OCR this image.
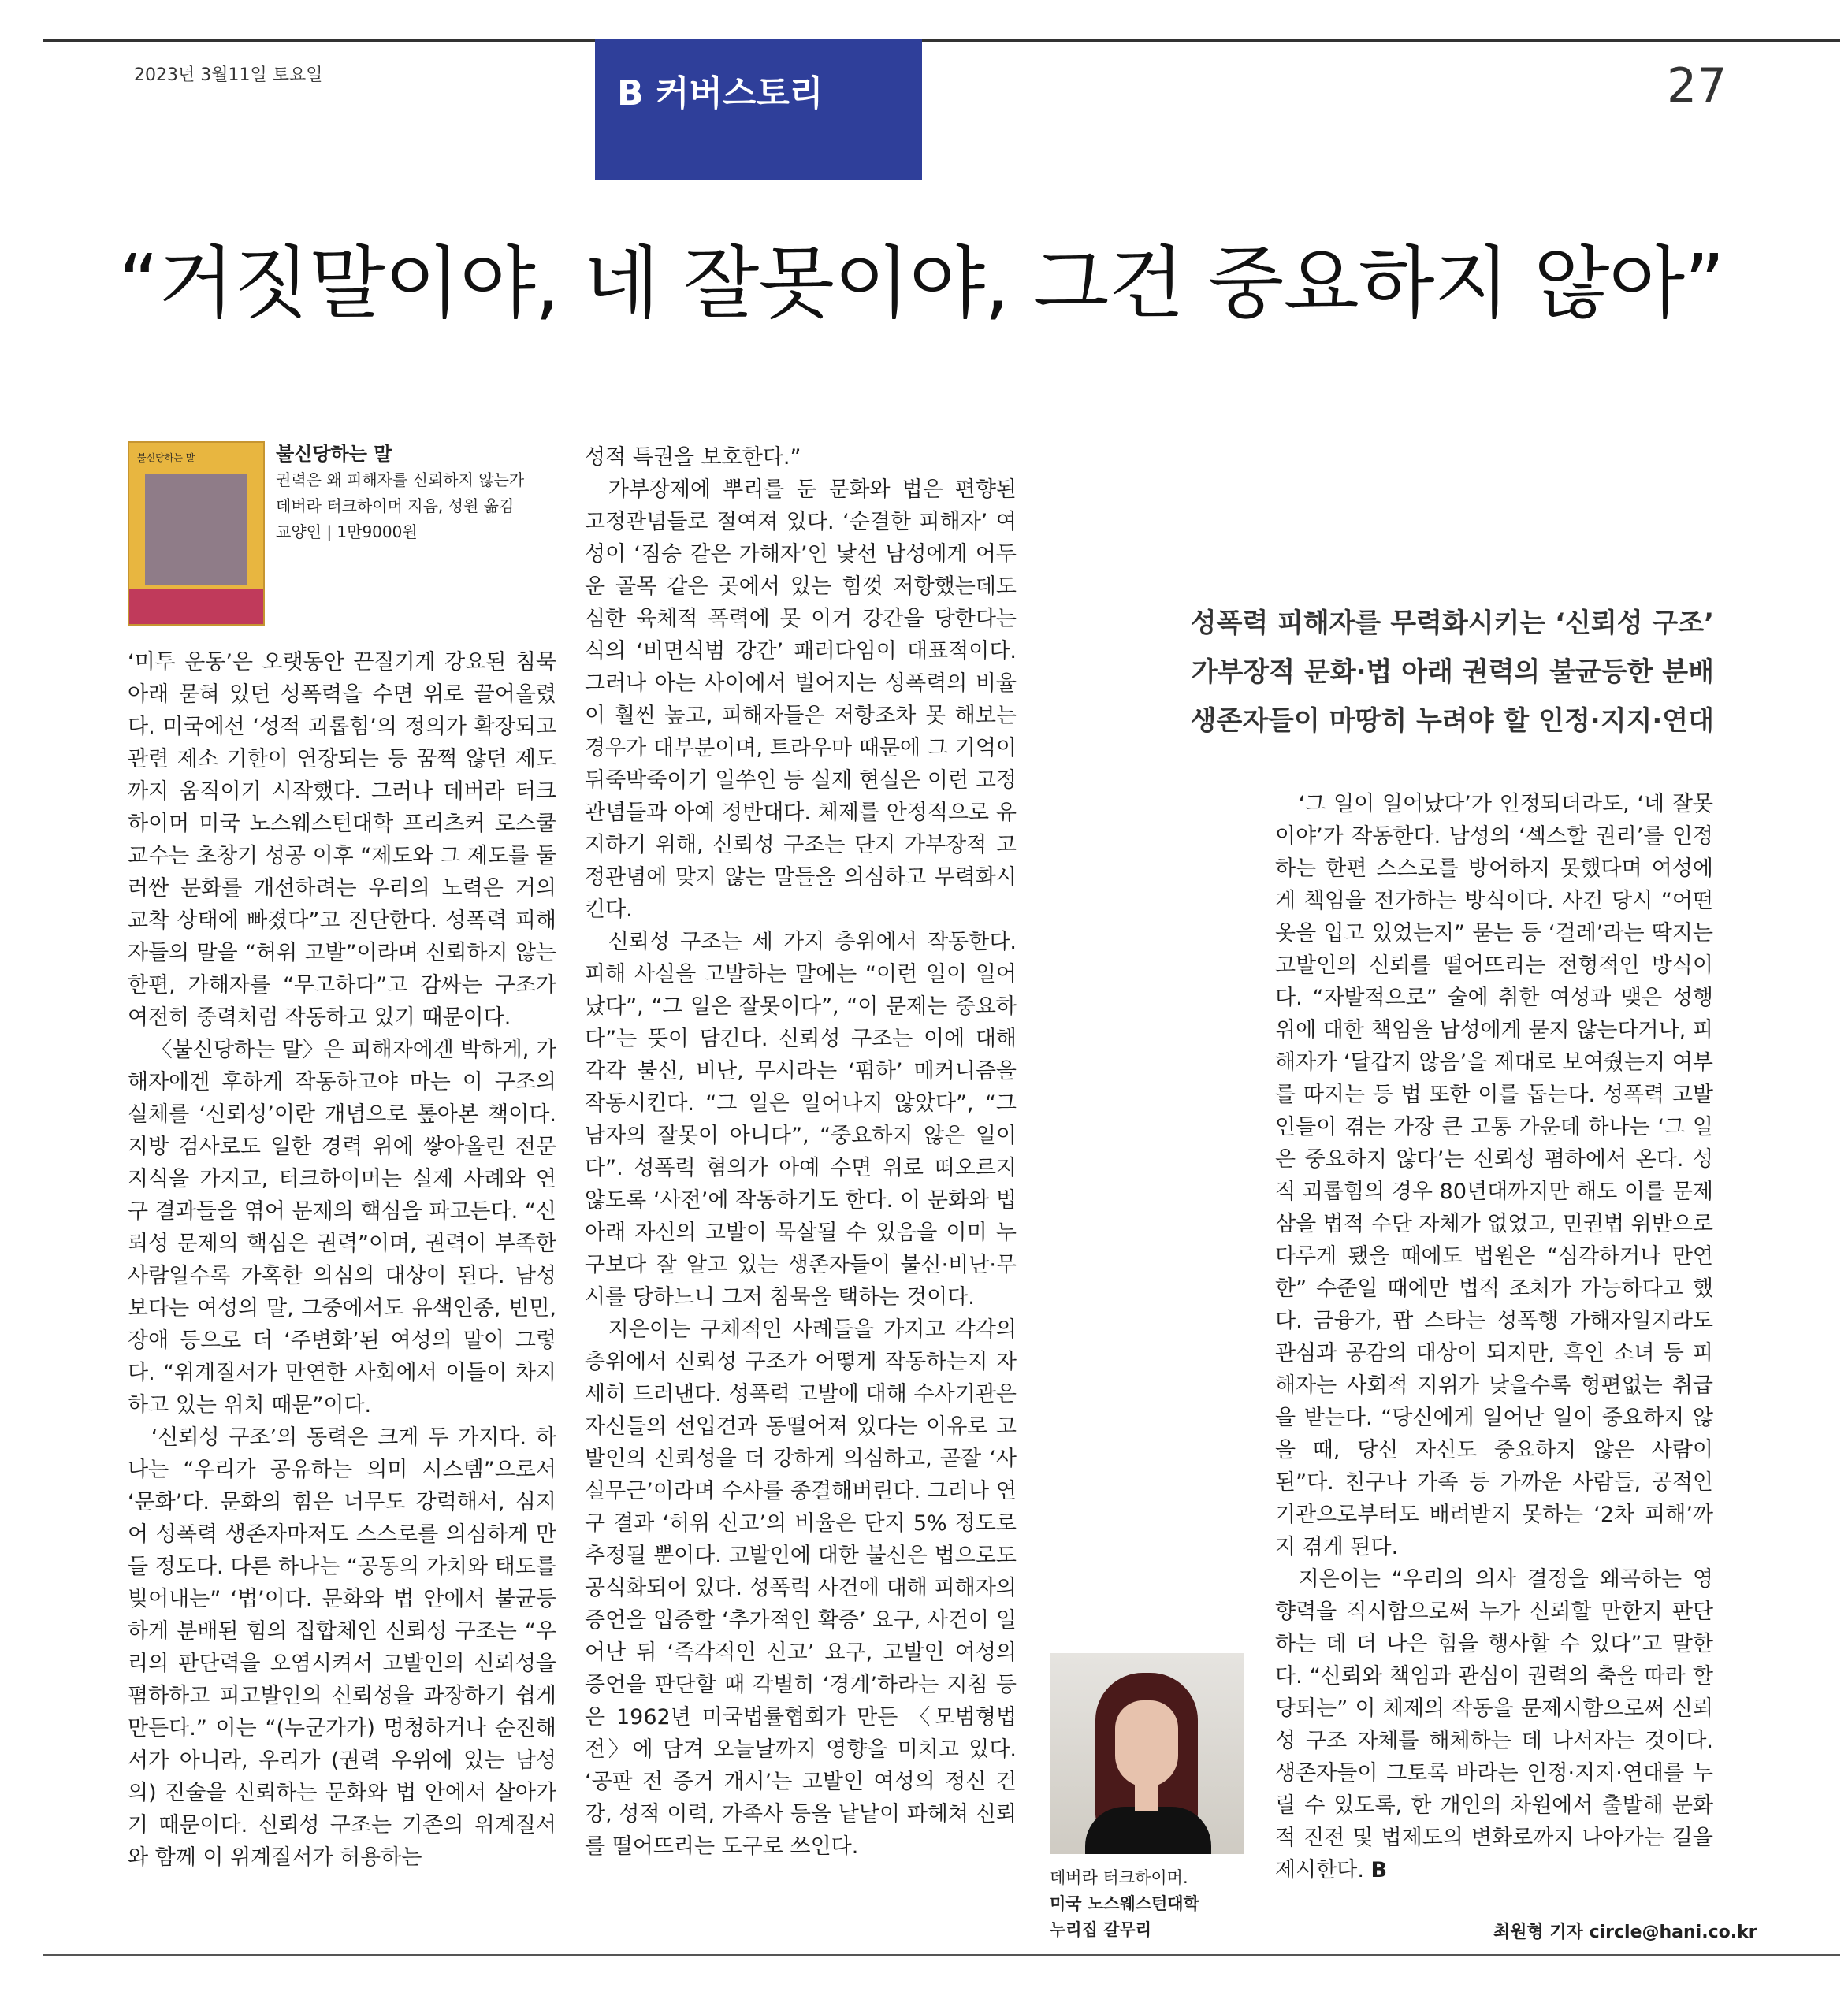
2023년 3월11일 토요일	B 커버스토리	27
“거짓말이야, 네 잘못이야, 그건 중요하지 않아”
불신당하는 말	불신당하는 말
권력은 왜 피해자를 신뢰하지 않는가
데버라 터크하이머 지음, 성원 옮김
교양인 | 1만9000원

‘미투 운동’은 오랫동안 끈질기게 강요된 침묵 아래 묻혀 있던 성폭력을 수면 위로 끌어올렸다. 미국에선 ‘성적 괴롭힘’의 정의가 확장되고 관련 제소 기한이 연장되는 등 꿈쩍 않던 제도까지 움직이기 시작했다. 그러나 데버라 터크하이머 미국 노스웨스턴대학 프리츠커 로스쿨 교수는 초창기 성공 이후 “제도와 그 제도를 둘러싼 문화를 개선하려는 우리의 노력은 거의 교착 상태에 빠졌다”고 진단한다. 성폭력 피해자들의 말을 “허위 고발”이라며 신뢰하지 않는 한편, 가해자를 “무고하다”고 감싸는 구조가 여전히 중력처럼 작동하고 있기 때문이다.

〈불신당하는 말〉은 피해자에겐 박하게, 가해자에겐 후하게 작동하고야 마는 이 구조의 실체를 ‘신뢰성’이란 개념으로 톺아본 책이다. 지방 검사로도 일한 경력 위에 쌓아올린 전문 지식을 가지고, 터크하이머는 실제 사례와 연구 결과들을 엮어 문제의 핵심을 파고든다. “신뢰성 문제의 핵심은 권력”이며, 권력이 부족한 사람일수록 가혹한 의심의 대상이 된다. 남성보다는 여성의 말, 그중에서도 유색인종, 빈민, 장애 등으로 더 ‘주변화’된 여성의 말이 그렇다. “위계질서가 만연한 사회에서 이들이 차지하고 있는 위치 때문”이다.

‘신뢰성 구조’의 동력은 크게 두 가지다. 하나는 “우리가 공유하는 의미 시스템”으로서 ‘문화’다. 문화의 힘은 너무도 강력해서, 심지어 성폭력 생존자마저도 스스로를 의심하게 만들 정도다. 다른 하나는 “공동의 가치와 태도를 빚어내는” ‘법’이다. 문화와 법 안에서 불균등하게 분배된 힘의 집합체인 신뢰성 구조는 “우리의 판단력을 오염시켜서 고발인의 신뢰성을 폄하하고 피고발인의 신뢰성을 과장하기 쉽게 만든다.” 이는 “(누군가가) 멍청하거나 순진해서가 아니라, 우리가 (권력 우위에 있는 남성의) 진술을 신뢰하는 문화와 법 안에서 살아가기 때문이다. 신뢰성 구조는 기존의 위계질서와 함께 이 위계질서가 허용하는

성적 특권을 보호한다.”

가부장제에 뿌리를 둔 문화와 법은 편향된 고정관념들로 절여져 있다. ‘순결한 피해자’ 여성이 ‘짐승 같은 가해자’인 낯선 남성에게 어두운 골목 같은 곳에서 있는 힘껏 저항했는데도 심한 육체적 폭력에 못 이겨 강간을 당한다는 식의 ‘비면식범 강간’ 패러다임이 대표적이다. 그러나 아는 사이에서 벌어지는 성폭력의 비율이 훨씬 높고, 피해자들은 저항조차 못 해보는 경우가 대부분이며, 트라우마 때문에 그 기억이 뒤죽박죽이기 일쑤인 등 실제 현실은 이런 고정관념들과 아예 정반대다. 체제를 안정적으로 유지하기 위해, 신뢰성 구조는 단지 가부장적 고정관념에 맞지 않는 말들을 의심하고 무력화시킨다.

신뢰성 구조는 세 가지 층위에서 작동한다. 피해 사실을 고발하는 말에는 “이런 일이 일어났다”, “그 일은 잘못이다”, “이 문제는 중요하다”는 뜻이 담긴다. 신뢰성 구조는 이에 대해 각각 불신, 비난, 무시라는 ‘폄하’ 메커니즘을 작동시킨다. “그 일은 일어나지 않았다”, “그 남자의 잘못이 아니다”, “중요하지 않은 일이다”. 성폭력 혐의가 아예 수면 위로 떠오르지 않도록 ‘사전’에 작동하기도 한다. 이 문화와 법 아래 자신의 고발이 묵살될 수 있음을 이미 누구보다 잘 알고 있는 생존자들이 불신·비난·무시를 당하느니 그저 침묵을 택하는 것이다.

지은이는 구체적인 사례들을 가지고 각각의 층위에서 신뢰성 구조가 어떻게 작동하는지 자세히 드러낸다. 성폭력 고발에 대해 수사기관은 자신들의 선입견과 동떨어져 있다는 이유로 고발인의 신뢰성을 더 강하게 의심하고, 곧잘 ‘사실무근’이라며 수사를 종결해버린다. 그러나 연구 결과 ‘허위 신고’의 비율은 단지 5% 정도로 추정될 뿐이다. 고발인에 대한 불신은 법으로도 공식화되어 있다. 성폭력 사건에 대해 피해자의 증언을 입증할 ‘추가적인 확증’ 요구, 사건이 일어난 뒤 ‘즉각적인 신고’ 요구, 고발인 여성의 증언을 판단할 때 각별히 ‘경계’하라는 지침 등은 1962년 미국법률협회가 만든 〈모범형법전〉에 담겨 오늘날까지 영향을 미치고 있다. ‘공판 전 증거 개시’는 고발인 여성의 정신 건강, 성적 이력, 가족사 등을 낱낱이 파헤쳐 신뢰를 떨어뜨리는 도구로 쓰인다.

성폭력 피해자를 무력화시키는 ‘신뢰성 구조’
가부장적 문화·법 아래 권력의 불균등한 분배
생존자들이 마땅히 누려야 할 인정·지지·연대

‘그 일이 일어났다’가 인정되더라도, ‘네 잘못이야’가 작동한다. 남성의 ‘섹스할 권리’를 인정하는 한편 스스로를 방어하지 못했다며 여성에게 책임을 전가하는 방식이다. 사건 당시 “어떤 옷을 입고 있었는지” 묻는 등 ‘걸레’라는 딱지는 고발인의 신뢰를 떨어뜨리는 전형적인 방식이다. “자발적으로” 술에 취한 여성과 맺은 성행위에 대한 책임을 남성에게 묻지 않는다거나, 피해자가 ‘달갑지 않음’을 제대로 보여줬는지 여부를 따지는 등 법 또한 이를 돕는다. 성폭력 고발인들이 겪는 가장 큰 고통 가운데 하나는 ‘그 일은 중요하지 않다’는 신뢰성 폄하에서 온다. 성적 괴롭힘의 경우 80년대까지만 해도 이를 문제 삼을 법적 수단 자체가 없었고, 민권법 위반으로 다루게 됐을 때에도 법원은 “심각하거나 만연한” 수준일 때에만 법적 조처가 가능하다고 했다. 금융가, 팝 스타는 성폭행 가해자일지라도 관심과 공감의 대상이 되지만, 흑인 소녀 등 피해자는 사회적 지위가 낮을수록 형편없는 취급을 받는다. “당신에게 일어난 일이 중요하지 않을 때, 당신 자신도 중요하지 않은 사람이 된”다. 친구나 가족 등 가까운 사람들, 공적인 기관으로부터도 배려받지 못하는 ‘2차 피해’까지 겪게 된다.

지은이는 “우리의 의사 결정을 왜곡하는 영향력을 직시함으로써 누가 신뢰할 만한지 판단하는 데 더 나은 힘을 행사할 수 있다”고 말한다. “신뢰와 책임과 관심이 권력의 축을 따라 할당되는” 이 체제의 작동을 문제시함으로써 신뢰성 구조 자체를 해체하는 데 나서자는 것이다. 생존자들이 그토록 바라는 인정·지지·연대를 누릴 수 있도록, 한 개인의 차원에서 출발해 문화적 진전 및 법제도의 변화로까지 나아가는 길을 제시한다. B

데버라 터크하이머.
미국 노스웨스턴대학
누리집 갈무리	최원형 기자 circle@hani.co.kr
